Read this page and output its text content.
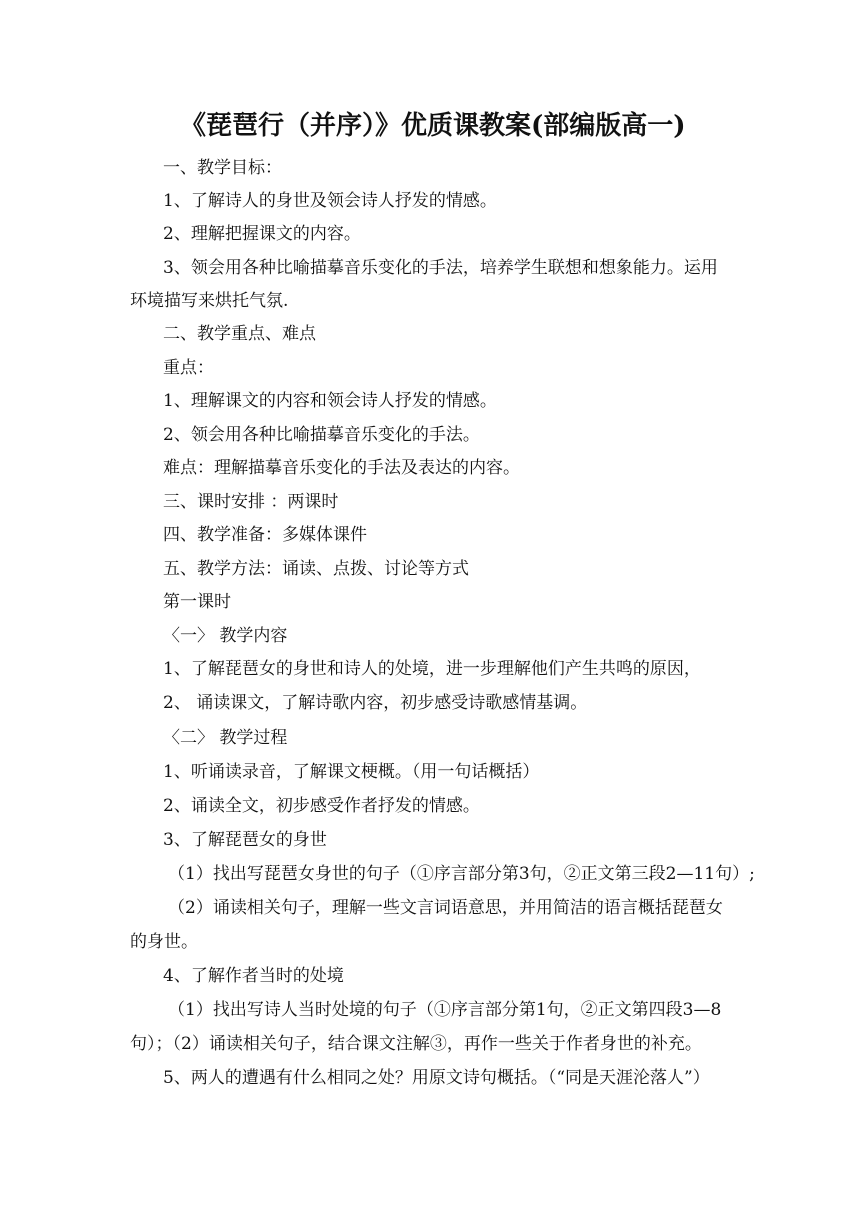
《琵琶行（并序）》优质课教案(部编版高一)
一、教学目标：
1、了解诗人的身世及领会诗人抒发的情感。
2、理解把握课文的内容。
3、领会用各种比喻描摹音乐变化的手法，培养学生联想和想象能力。运用
环境描写来烘托气氛.
二、教学重点、难点
重点：
1、理解课文的内容和领会诗人抒发的情感。
2、领会用各种比喻描摹音乐变化的手法。
难点：理解描摹音乐变化的手法及表达的内容。
三、课时安排 ：两课时
四、教学准备：多媒体课件
五、教学方法：诵读、点拨、讨论等方式
第一课时
〈一〉 教学内容
1、了解琵琶女的身世和诗人的处境，进一步理解他们产生共鸣的原因，
2、 诵读课文，了解诗歌内容，初步感受诗歌感情基调。
〈二〉 教学过程
1、听诵读录音，了解课文梗概。（用一句话概括）
2、诵读全文，初步感受作者抒发的情感。
3、了解琵琶女的身世
（1）找出写琵琶女身世的句子（①序言部分第3句，②正文第三段2—11句）;
（2）诵读相关句子，理解一些文言词语意思，并用简洁的语言概括琵琶女
的身世。
4、了解作者当时的处境
（1）找出写诗人当时处境的句子（①序言部分第1句，②正文第四段3—8
句）；（2）诵读相关句子，结合课文注解③，再作一些关于作者身世的补充。
5、两人的遭遇有什么相同之处？用原文诗句概括。（“同是天涯沦落人”）
